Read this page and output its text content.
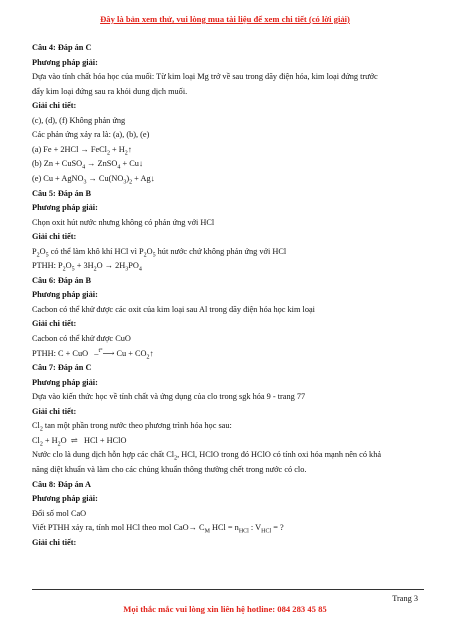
Đây là bản xem thử, vui lòng mua tài liệu để xem chi tiết (có lời giải)
Câu 4: Đáp án C
Phương pháp giải:
Dựa vào tính chất hóa học của muối: Từ kim loại Mg trở về sau trong dãy điện hóa, kim loại đứng trước
đẩy kim loại đứng sau ra khỏi dung dịch muối.
Giải chi tiết:
(c), (d), (f) Không phản ứng
Các phản ứng xảy ra là: (a), (b), (e)
(a) Fe + 2HCl → FeCl$_2$ + $H_2↑$
(b) Zn + CuSO$_4$ → ZnSO$_4$ + Cu↓
(e) Cu + AgNO$_3$ → $Cu(NO_3)_2$ + Ag↓
Câu 5: Đáp án B
Phương pháp giải:
Chọn oxit hút nước nhưng không có phản ứng với HCl
Giải chi tiết:
$P_2O_5$ có thể làm khô khí HCl vì $P_2O_5$ hút nước chứ không phản ứng với HCl
PTHH: $P_2O_5 + 3H_2O \to 2H_3PO_4$
Câu 6: Đáp án B
Phương pháp giải:
Cacbon có thể khử được các oxit của kim loại sau Al trong dãy điện hóa học kim loại
Giải chi tiết:
Cacbon có thể khử được CuO
PTHH: C + CuO   –$^{t^\circ}$⟶ $Cu + CO_2↑$
Câu 7: Đáp án C
Phương pháp giải:
Dựa vào kiến thức học về tính chất và ứng dụng của clo trong sgk hóa 9 - trang 77
Giải chi tiết:
$Cl_2$ tan một phần trong nước theo phương trình hóa học sau:
$Cl_2 + H_2O$  ⇌   HCl + HClO
Nước clo là dung dịch hỗn hợp các chất $Cl_2$, HCl, HClO trong đó HClO có tính oxi hóa mạnh nên có khả
năng diệt khuẩn và làm cho các chủng khuẩn thông thường chết trong nước có clo.
Câu 8: Đáp án A
Phương pháp giải:
Đổi số mol CaO
Viết PTHH xảy ra, tính mol HCl theo mol $CaO\to C_M$ HCl = $n_{HCl}$ : $V_{HCl}$ = ?
Giải chi tiết:
Trang 3
Mọi thắc mắc vui lòng xin liên hệ hotline: 084 283 45 85
